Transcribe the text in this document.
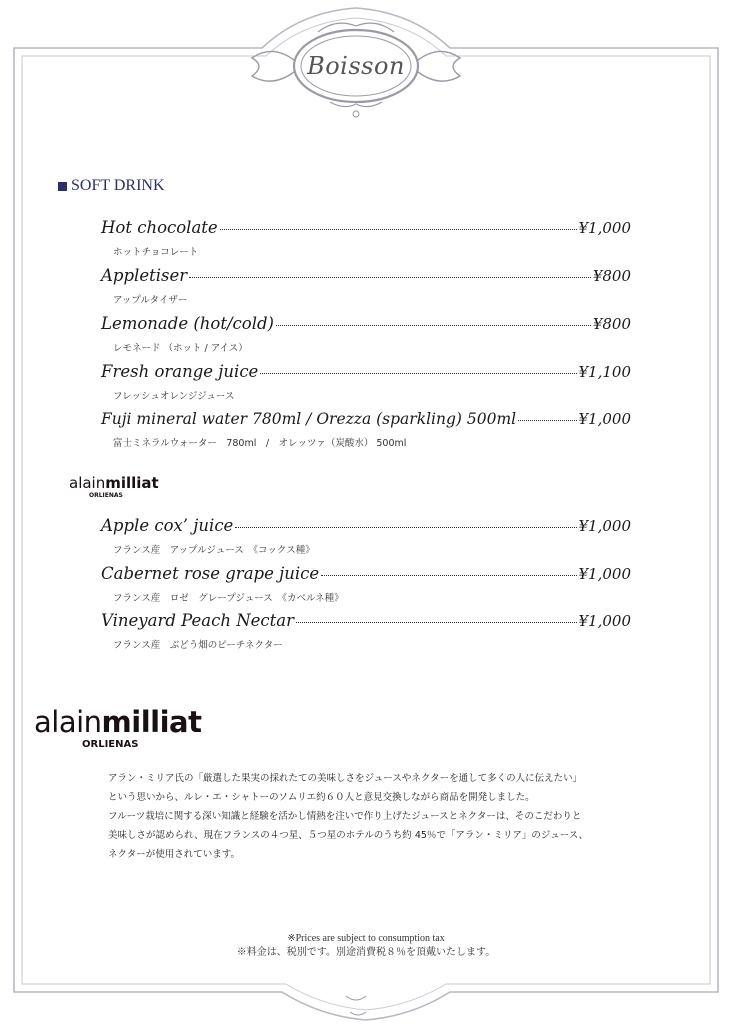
Boisson
SOFT DRINK
Hot chocolate	¥1,000
ホットチョコレート
Appletiser	¥800
アップルタイザー
Lemonade (hot/cold)	¥800
レモネード （ホット / アイス）
Fresh orange juice	¥1,100
フレッシュオレンジジュース
Fuji mineral water 780ml / Orezza (sparkling) 500ml	¥1,000
富士ミネラルウォーター　780ml　/　オレッツァ（炭酸水） 500ml
alainmilliat
ORLIENAS
Apple cox’ juice	¥1,000
フランス産　アップルジュース　《コックス種》
Cabernet rose grape juice	¥1,000
フランス産　ロゼ　グレープジュース　《カベルネ種》
Vineyard Peach Nectar	¥1,000
フランス産　ぶどう畑のピーチネクター
alainmilliat
ORLIENAS

アラン・ミリア氏の「厳選した果実の採れたての美味しさをジュースやネクターを通して多くの人に伝えたい」

という思いから、ルレ・エ・シャトーのソムリエ約６０人と意見交換しながら商品を開発しました。

フルーツ栽培に関する深い知識と経験を活かし情熱を注いで作り上げたジュースとネクターは、そのこだわりと

美味しさが認められ、現在フランスの４つ星、５つ星のホテルのうち約 45％で「アラン・ミリア」のジュース、

ネクターが使用されています。

※Prices are subject to consumption tax
※料金は、税別です。別途消費税８％を頂戴いたします。
